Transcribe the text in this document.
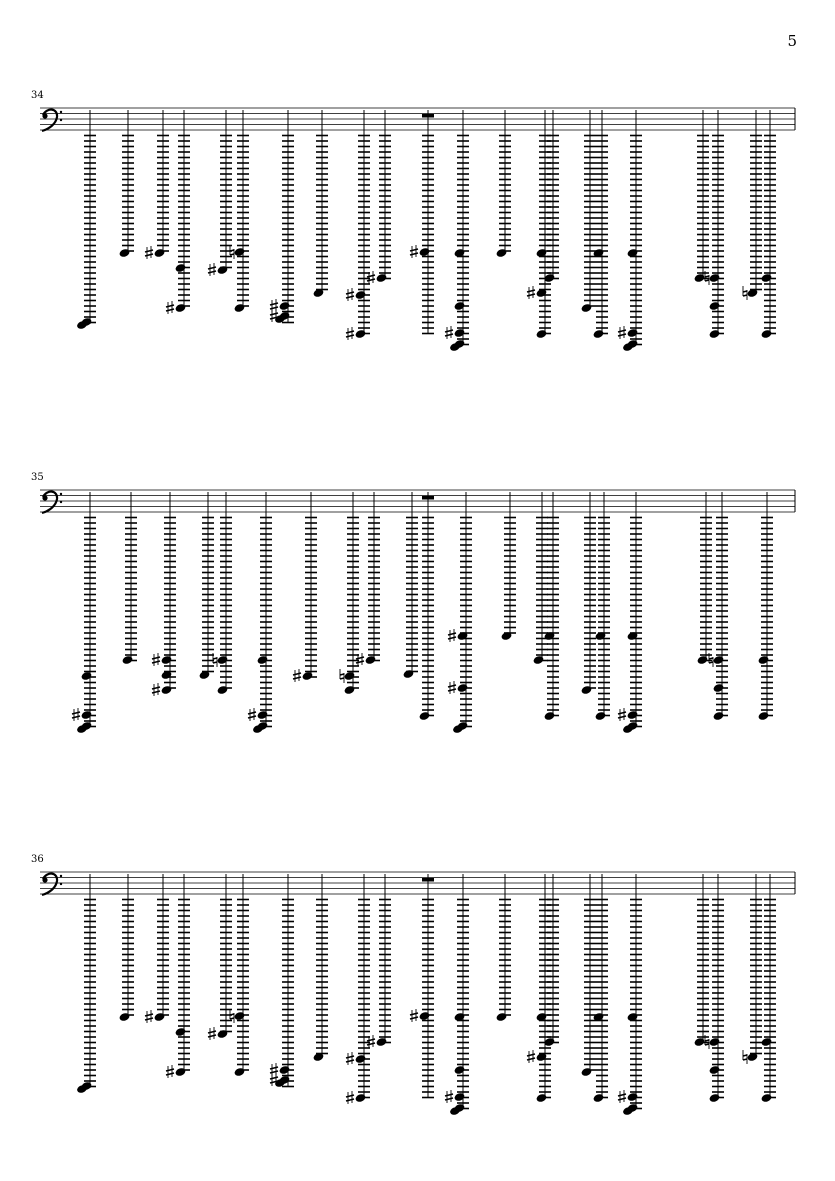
5
34
35
36
